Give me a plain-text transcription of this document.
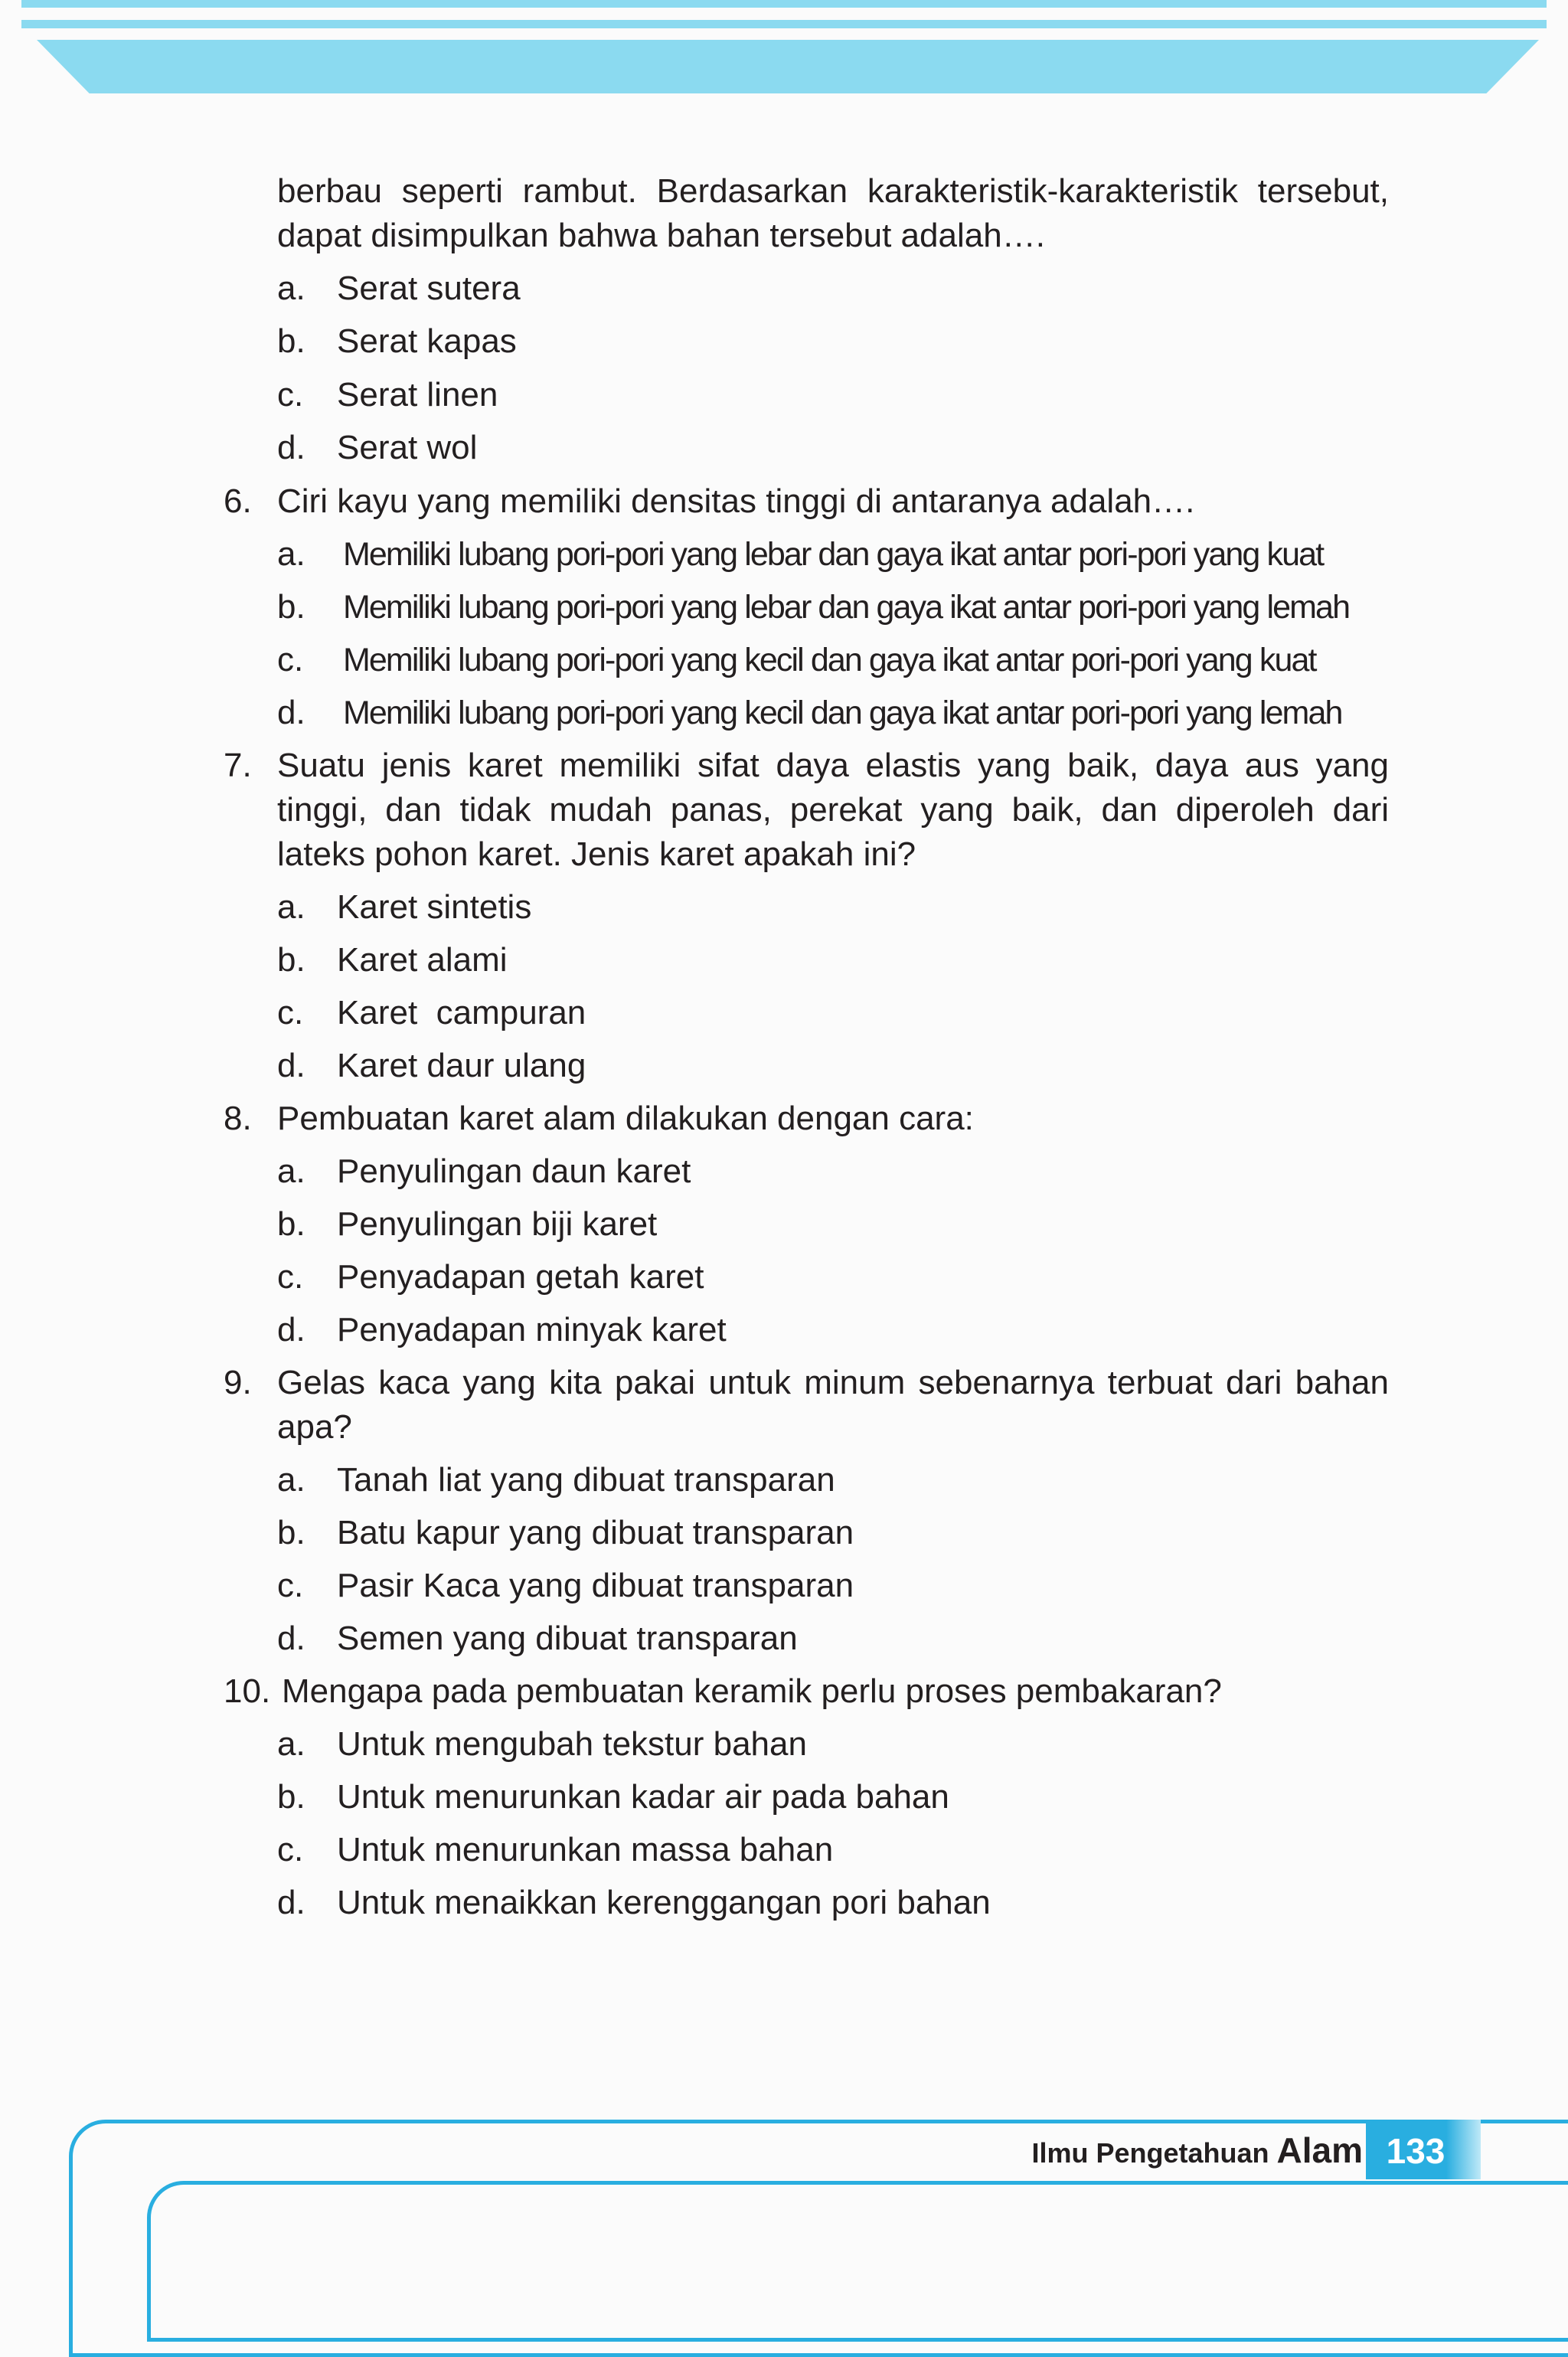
berbau seperti rambut. Berdasarkan karakteristik-karakteristik tersebut,
dapat disimpulkan bahwa bahan tersebut adalah….
a. Serat sutera
b. Serat kapas
c. Serat linen
d. Serat wol
6. Ciri kayu yang memiliki densitas tinggi di antaranya adalah….
a. Memiliki lubang pori-pori yang lebar dan gaya ikat antar pori-pori yang kuat
b. Memiliki lubang pori-pori yang lebar dan gaya ikat antar pori-pori yang lemah
c. Memiliki lubang pori-pori yang kecil dan gaya ikat antar pori-pori yang kuat
d. Memiliki lubang pori-pori yang kecil dan gaya ikat antar pori-pori yang lemah
7. Suatu jenis karet memiliki sifat daya elastis yang baik, daya aus yang
tinggi, dan tidak mudah panas, perekat yang baik, dan diperoleh dari
lateks pohon karet. Jenis karet apakah ini?
a. Karet sintetis
b. Karet alami
c. Karet  campuran
d. Karet daur ulang
8. Pembuatan karet alam dilakukan dengan cara:
a. Penyulingan daun karet
b. Penyulingan biji karet
c. Penyadapan getah karet
d. Penyadapan minyak karet
9. Gelas kaca yang kita pakai untuk minum sebenarnya terbuat dari bahan
apa?
a. Tanah liat yang dibuat transparan
b. Batu kapur yang dibuat transparan
c. Pasir Kaca yang dibuat transparan
d. Semen yang dibuat transparan
10. Mengapa pada pembuatan keramik perlu proses pembakaran?
a. Untuk mengubah tekstur bahan
b. Untuk menurunkan kadar air pada bahan
c. Untuk menurunkan massa bahan
d. Untuk menaikkan kerenggangan pori bahan
Ilmu Pengetahuan Alam 133
